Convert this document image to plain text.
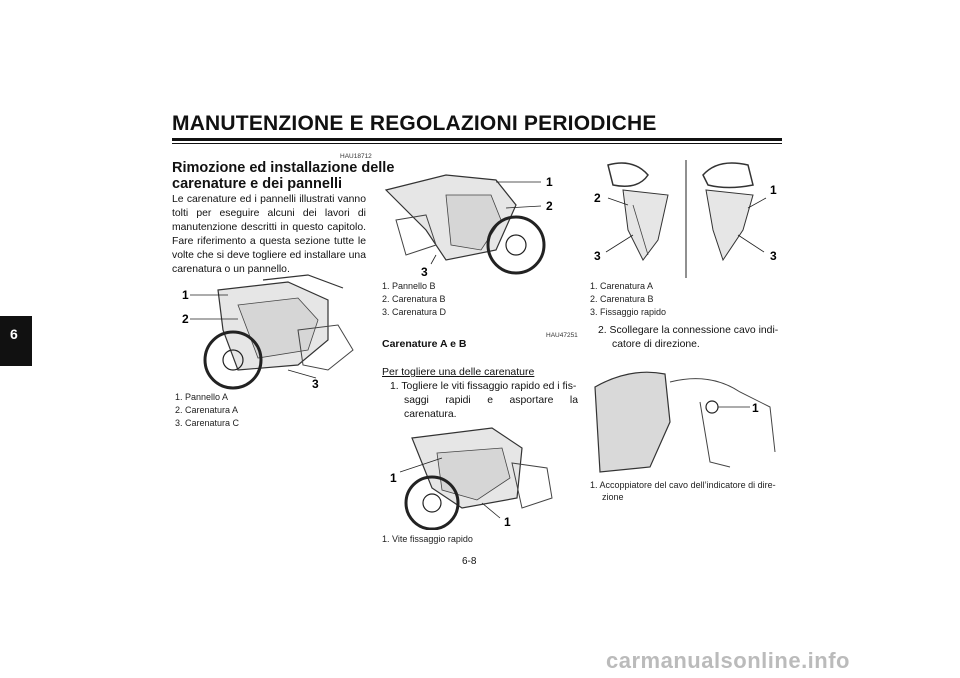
MANUTENZIONE E REGOLAZIONI PERIODICHE
6
HAU18712
Rimozione ed installazione delle
carenature e dei pannelli
Le carenature ed i pannelli illustrati vanno tolti per eseguire alcuni dei lavori di manutenzione descritti in questo capitolo. Fare riferimento a questa sezione tutte le volte che si deve togliere ed installare una carenatura o un pannello.
1
2
3
1. Pannello A
2. Carenatura A
3. Carenatura C
1
2
3
1. Pannello B
2. Carenatura B
3. Carenatura D
HAU47251
Carenature A e B
Per togliere una delle carenature
1. Togliere le viti fissaggio rapido ed i fis-
saggi rapidi e asportare la carenatura.
1
1
1. Vite fissaggio rapido
2
1
3	3
1. Carenatura A
2. Carenatura B
3. Fissaggio rapido
2. Scollegare la connessione cavo indi-
catore di direzione.
1
1. Accoppiatore del cavo dell’indicatore di dire-
zione
6-8
carmanualsonline.info
